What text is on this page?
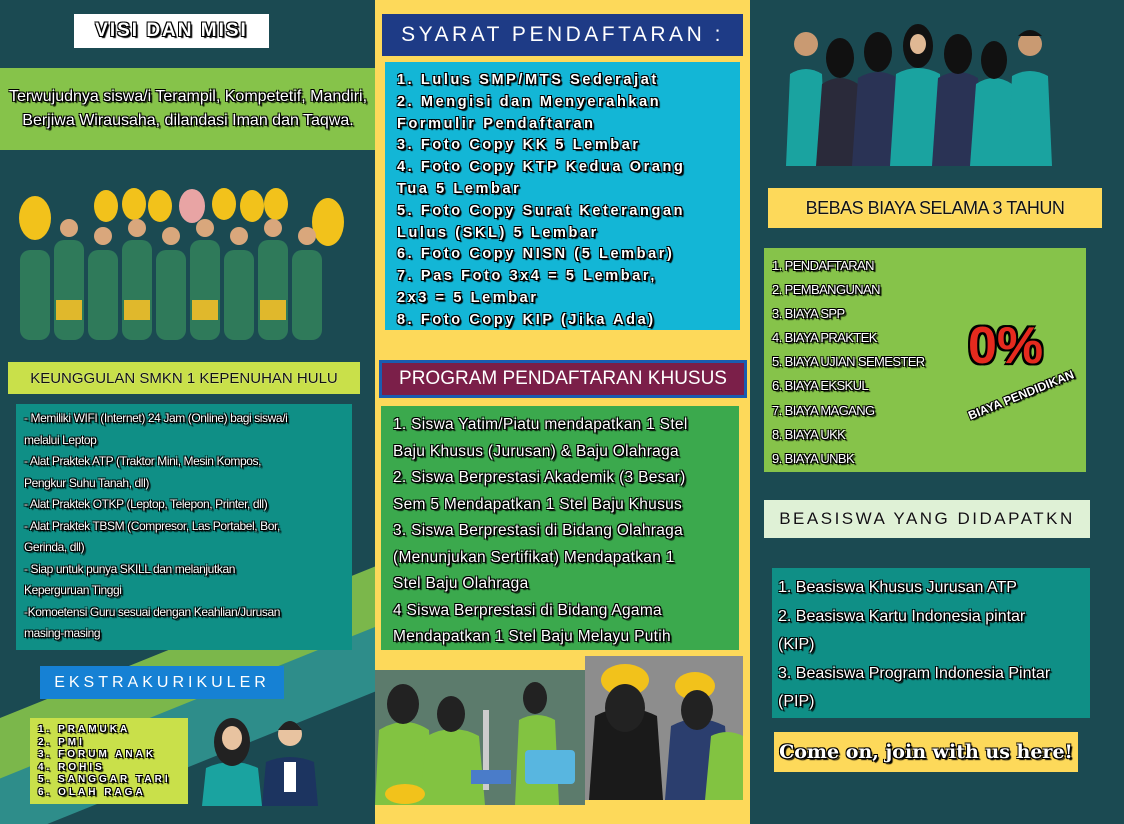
VISI DAN MISI
Terwujudnya siswa/i Terampil, Kompetetif, Mandiri, Berjiwa Wirausaha, dilandasi Iman dan Taqwa.
KEUNGGULAN SMKN 1 KEPENUHAN HULU
- Memiliki WIFI (Internet) 24 Jam (Online) bagi siswa/i
melalui Leptop
- Alat Praktek ATP (Traktor Mini, Mesin Kompos,
Pengkur Suhu Tanah, dll)
- Alat Praktek OTKP (Leptop, Telepon, Printer, dll)
- Alat Praktek TBSM (Compresor, Las Portabel, Bor,
Gerinda, dll)
- Siap untuk punya SKILL dan melanjutkan
Keperguruan Tinggi
-Komoetensi Guru sesuai dengan Keahlian/Jurusan
masing-masing
EKSTRAKURIKULER
1. PRAMUKA
2. PMI
3. FORUM ANAK
4. ROHIS
5. SANGGAR TARI
6. OLAH RAGA
SYARAT PENDAFTARAN :
1. Lulus SMP/MTS Sederajat
2. Mengisi dan Menyerahkan
Formulir Pendaftaran
3. Foto Copy KK 5 Lembar
4. Foto Copy KTP Kedua Orang
Tua 5 Lembar
5. Foto Copy Surat Keterangan
Lulus (SKL) 5 Lembar
6. Foto Copy NISN (5 Lembar)
7. Pas Foto 3x4 = 5 Lembar,
2x3 = 5 Lembar
8. Foto Copy KIP (Jika Ada)
PROGRAM PENDAFTARAN KHUSUS
1. Siswa Yatim/Piatu mendapatkan 1 Stel
Baju Khusus (Jurusan) & Baju Olahraga
2. Siswa Berprestasi Akademik (3 Besar)
Sem 5 Mendapatkan 1 Stel Baju Khusus
3. Siswa Berprestasi di Bidang Olahraga
(Menunjukan Sertifikat) Mendapatkan 1
Stel Baju Olahraga
4 Siswa Berprestasi di Bidang Agama
Mendapatkan 1 Stel Baju Melayu Putih
BEBAS BIAYA SELAMA 3 TAHUN
1. PENDAFTARAN
2. PEMBANGUNAN
3. BIAYA SPP
4. BIAYA PRAKTEK
5. BIAYA UJIAN SEMESTER
6. BIAYA EKSKUL
7. BIAYA MAGANG
8. BIAYA UKK
9. BIAYA UNBK
0%
BIAYA PENDIDIKAN
BEASISWA YANG DIDAPATKN
1. Beasiswa Khusus Jurusan ATP
2. Beasiswa Kartu Indonesia pintar
(KIP)
3. Beasiswa Program Indonesia Pintar
(PIP)
Come on, join with us here!
